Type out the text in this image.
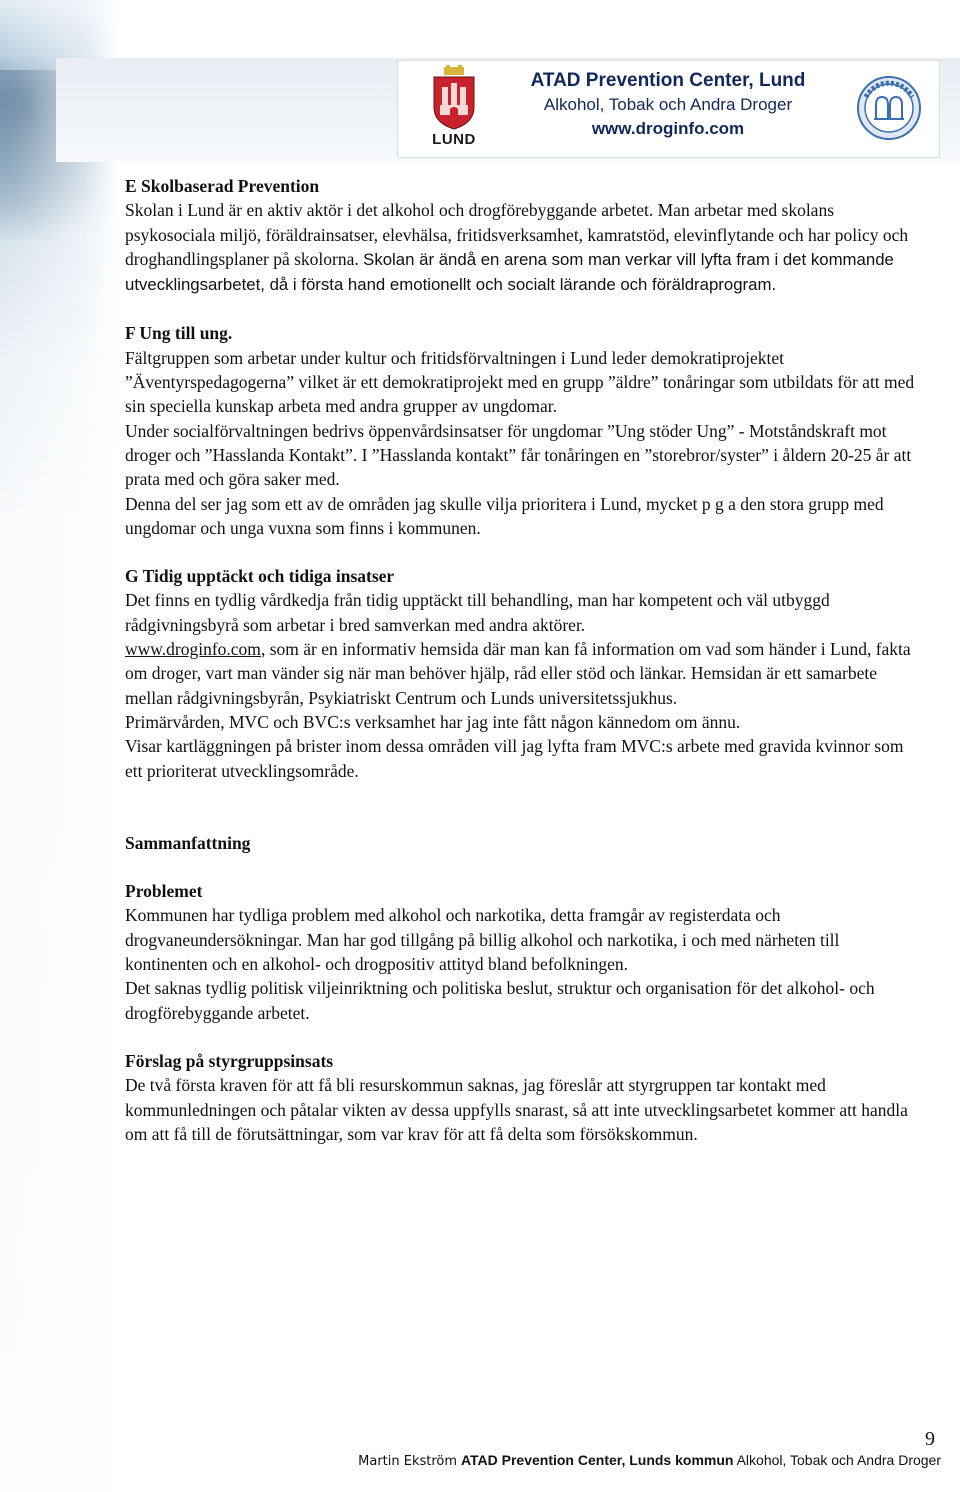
LUND
ATAD Prevention Center, Lund
Alkohol, Tobak och Andra Droger
www.droginfo.com

E Skolbaserad Prevention

Skolan i Lund är en aktiv aktör i det alkohol och drogförebyggande arbetet. Man arbetar med skolans psykosociala miljö, föräldrainsatser, elevhälsa, fritidsverksamhet, kamratstöd, elevinflytande och har policy och droghandlingsplaner på skolorna. Skolan är ändå en arena som man verkar vill lyfta fram i det kommande utvecklingsarbetet, då i första hand emotionellt och socialt lärande och föräldraprogram.

F Ung till ung.

Fältgruppen som arbetar under kultur och fritidsförvaltningen i Lund leder demokratiprojektet ”Äventyrspedagogerna” vilket är ett demokratiprojekt med en grupp ”äldre” tonåringar som utbildats för att med sin speciella kunskap arbeta med andra grupper av ungdomar.

Under socialförvaltningen bedrivs öppenvårdsinsatser för ungdomar ”Ung stöder Ung” - Motståndskraft mot droger och ”Hasslanda Kontakt”. I ”Hasslanda kontakt” får tonåringen en ”storebror/syster” i åldern 20-25 år att prata med och göra saker med.

Denna del ser jag som ett av de områden jag skulle vilja prioritera i Lund, mycket p g a den stora grupp med ungdomar och unga vuxna som finns i kommunen.

G Tidig upptäckt och tidiga insatser

Det finns en tydlig vårdkedja från tidig upptäckt till behandling, man har kompetent och väl utbyggd rådgivningsbyrå som arbetar i bred samverkan med andra aktörer.

www.droginfo.com, som är en informativ hemsida där man kan få information om vad som händer i Lund, fakta om droger, vart man vänder sig när man behöver hjälp, råd eller stöd och länkar. Hemsidan är ett samarbete mellan rådgivningsbyrån, Psykiatriskt Centrum och Lunds universitetssjukhus.

Primärvården, MVC och BVC:s verksamhet har jag inte fått någon kännedom om ännu.

Visar kartläggningen på brister inom dessa områden vill jag lyfta fram MVC:s arbete med gravida kvinnor som ett prioriterat utvecklingsområde.

Sammanfattning

Problemet

Kommunen har tydliga problem med alkohol och narkotika, detta framgår av registerdata och drogvaneundersökningar. Man har god tillgång på billig alkohol och narkotika, i och med närheten till kontinenten och en alkohol- och drogpositiv attityd bland befolkningen.

Det saknas tydlig politisk viljeinriktning och politiska beslut, struktur och organisation för det alkohol- och drogförebyggande arbetet.

Förslag på styrgruppsinsats

De två första kraven för att få bli resurskommun saknas, jag föreslår att styrgruppen tar kontakt med kommunledningen och påtalar vikten av dessa uppfylls snarast, så att inte utvecklingsarbetet kommer att handla om att få till de förutsättningar, som var krav för att få delta som försökskommun.

9
Martin Ekström ATAD Prevention Center, Lunds kommun Alkohol, Tobak och Andra Droger
